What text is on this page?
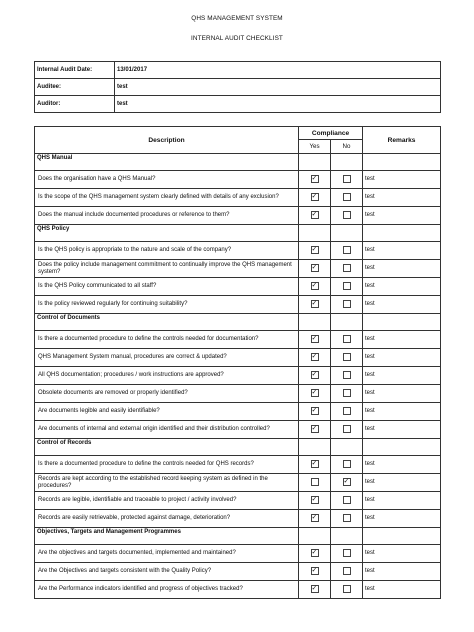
QHS MANAGEMENT SYSTEM
INTERNAL AUDIT CHECKLIST
Internal Audit Date:	13/01/2017
Auditee:	test
Auditor:	test
Description	Compliance		Remarks
	Yes	No	
QHS Manual			
Does the organisation have a QHS Manual?	✓		test
Is the scope of the QHS management system clearly defined with details of any exclusion?	✓		test
Does the manual include documented procedures or reference to them?	✓		test
QHS Policy			
Is the QHS policy is appropriate to the nature and scale of the company?	✓		test
Does the policy include management commitment to continually improve the QHS management system?	✓		test
Is the QHS Policy communicated to all staff?	✓		test
Is the policy reviewed regularly for continuing suitability?	✓		test
Control of Documents			
Is there a documented procedure to define the controls needed for documentation?	✓		test
QHS Management System manual, procedures are correct & updated?	✓		test
All QHS documentation; procedures / work instructions are approved?	✓		test
Obsolete documents are removed or properly identified?	✓		test
Are documents legible and easily identifiable?	✓		test
Are documents of internal and external origin identified and their distribution controlled?	✓		test
Control of Records			
Is there a documented procedure to define the controls needed for QHS records?	✓		test
Records are kept according to the established record keeping system as defined in the procedures?		✓	test
Records are legible, identifiable and traceable to project / activity involved?	✓		test
Records are easily retrievable, protected against damage, deterioration?	✓		test
Objectives, Targets and Management Programmes			
Are the objectives and targets documented, implemented and maintained?	✓		test
Are the Objectives and targets consistent with the Quality Policy?	✓		test
Are the Performance indicators identified and progress of objectives tracked?	✓		test
